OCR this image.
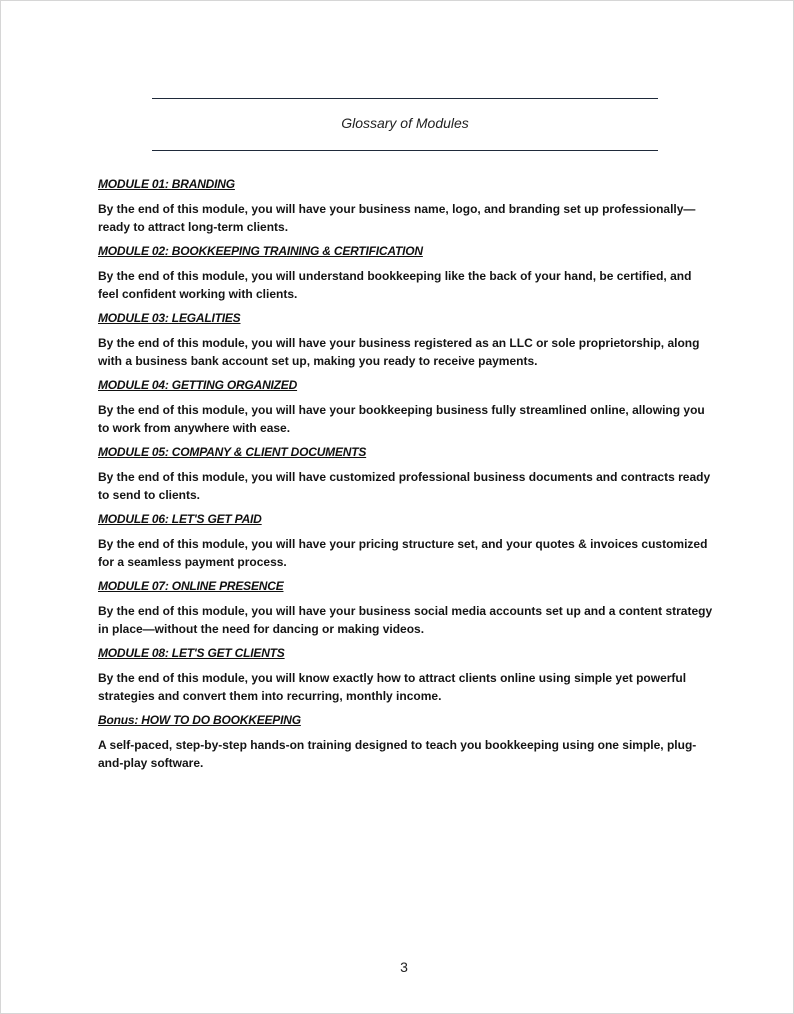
Glossary of Modules
MODULE 01: BRANDING

By the end of this module, you will have your business name, logo, and branding set up professionally—ready to attract long-term clients.

MODULE 02: BOOKKEEPING TRAINING & CERTIFICATION

By the end of this module, you will understand bookkeeping like the back of your hand, be certified, and feel confident working with clients.

MODULE 03: LEGALITIES

By the end of this module, you will have your business registered as an LLC or sole proprietorship, along with a business bank account set up, making you ready to receive payments.

MODULE 04: GETTING ORGANIZED

By the end of this module, you will have your bookkeeping business fully streamlined online, allowing you to work from anywhere with ease.

MODULE 05: COMPANY & CLIENT DOCUMENTS

By the end of this module, you will have customized professional business documents and contracts ready to send to clients.

MODULE 06: LET'S GET PAID

By the end of this module, you will have your pricing structure set, and your quotes & invoices customized for a seamless payment process.

MODULE 07: ONLINE PRESENCE

By the end of this module, you will have your business social media accounts set up and a content strategy in place—without the need for dancing or making videos.

MODULE 08: LET'S GET CLIENTS

By the end of this module, you will know exactly how to attract clients online using simple yet powerful strategies and convert them into recurring, monthly income.

Bonus: HOW TO DO BOOKKEEPING

A self-paced, step-by-step hands-on training designed to teach you bookkeeping using one simple, plug-and-play software.

3
